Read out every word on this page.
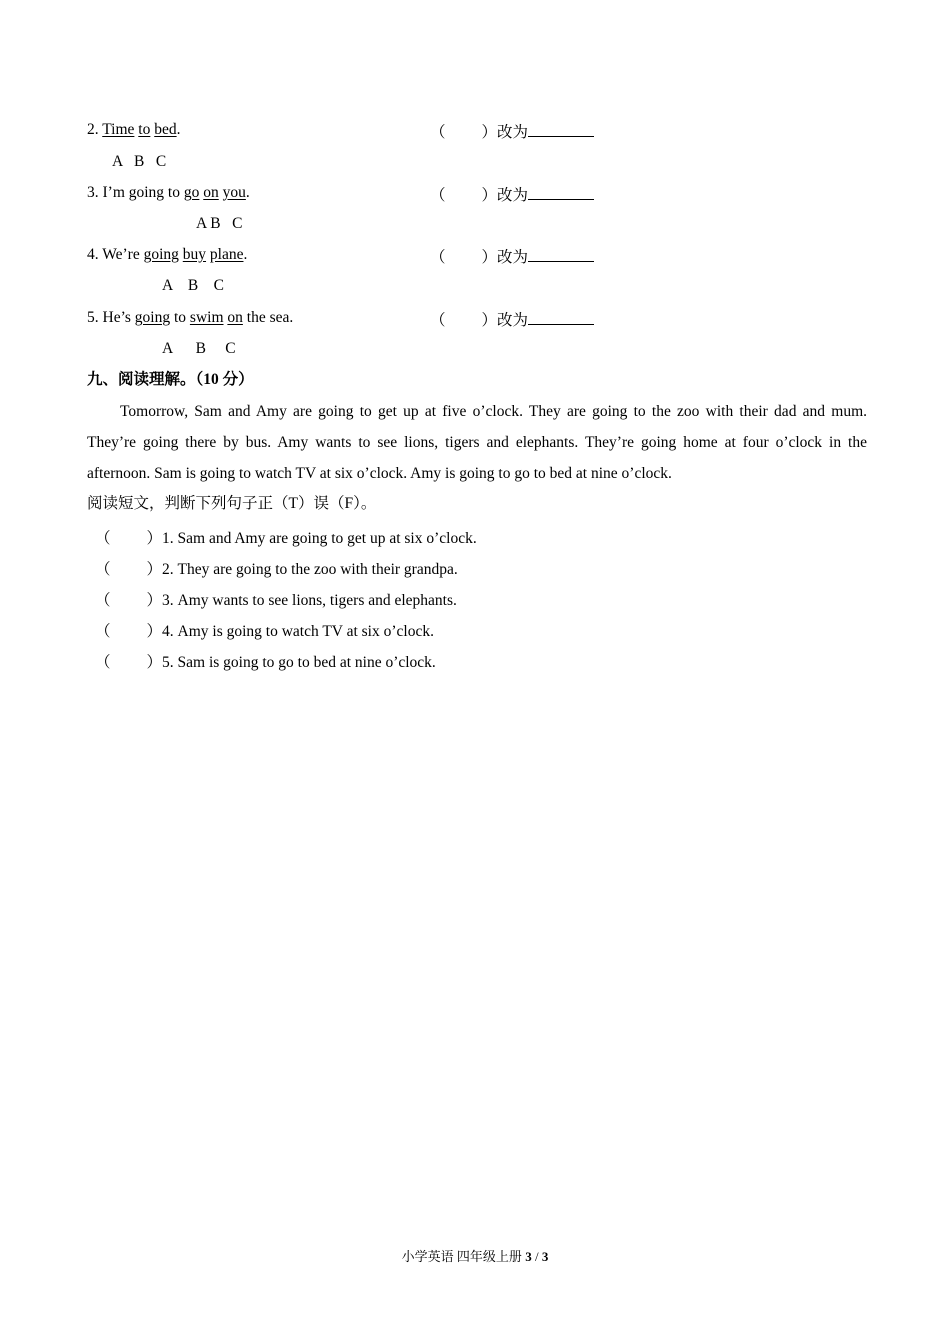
2. Time to bed.	（ ）改为
A   B   C
3. I’m going to go on you.	（ ）改为
A B   C
4. We’re going buy plane.	（ ）改为
A    B    C
5. He’s going to swim on the sea.	（ ）改为
A      B     C
九、阅读理解。（10 分）
Tomorrow, Sam and Amy are going to get up at five o’clock. They are going to the zoo with their dad and mum. They’re going there by bus. Amy wants to see lions, tigers and elephants. They’re going home at four o’clock in the afternoon. Sam is going to watch TV at six o’clock. Amy is going to go to bed at nine o’clock.
阅读短文，判断下列句子正（T）误（F）。
（ ）1. Sam and Amy are going to get up at six o’clock.
（ ）2. They are going to the zoo with their grandpa.
（ ）3. Amy wants to see lions, tigers and elephants.
（ ）4. Amy is going to watch TV at six o’clock.
（ ）5. Sam is going to go to bed at nine o’clock.
小学英语 四年级上册 3 / 3
